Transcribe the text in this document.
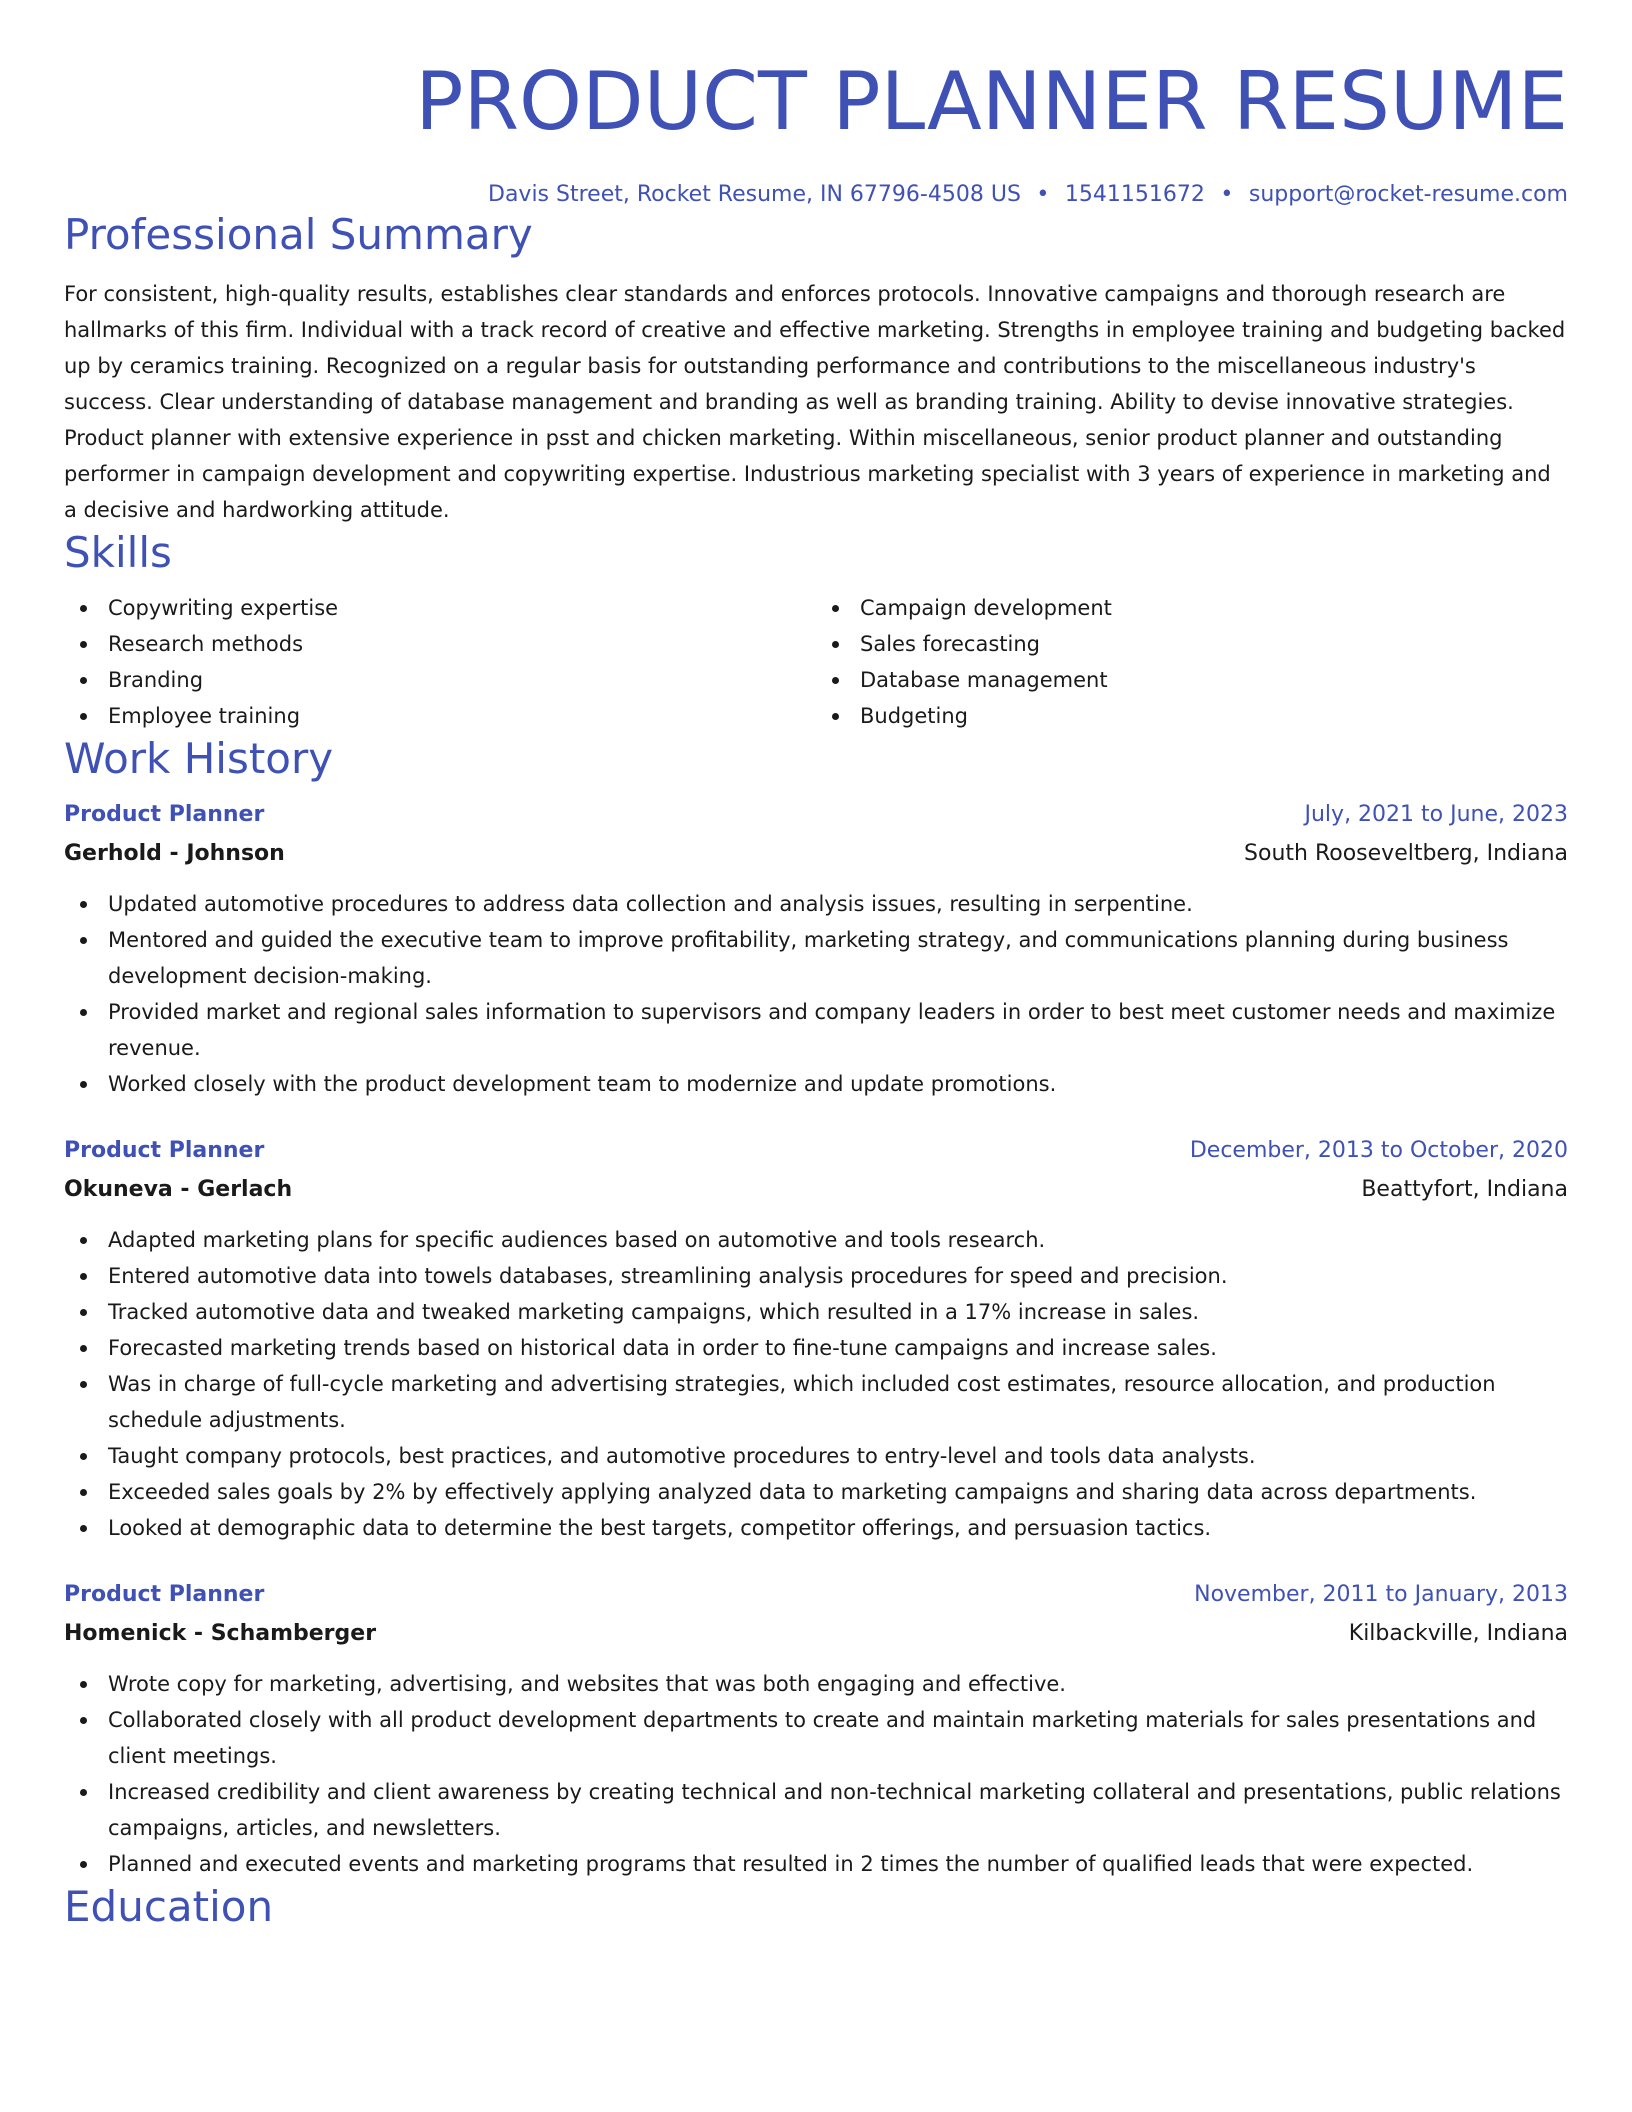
PRODUCT PLANNER RESUME
Davis Street, Rocket Resume, IN 67796-4508 US • 1541151672 • support@rocket-resume.com
Professional Summary
For consistent, high-quality results, establishes clear standards and enforces protocols. Innovative campaigns and thorough research are hallmarks of this firm. Individual with a track record of creative and effective marketing. Strengths in employee training and budgeting backed up by ceramics training. Recognized on a regular basis for outstanding performance and contributions to the miscellaneous industry's success. Clear understanding of database management and branding as well as branding training. Ability to devise innovative strategies. Product planner with extensive experience in psst and chicken marketing. Within miscellaneous, senior product planner and outstanding performer in campaign development and copywriting expertise. Industrious marketing specialist with 3 years of experience in marketing and a decisive and hardworking attitude.
Skills
Copywriting expertise
Research methods
Branding
Employee training
Campaign development
Sales forecasting
Database management
Budgeting
Work History
Product Planner	July, 2021 to June, 2023
Gerhold - Johnson	South Rooseveltberg, Indiana
Updated automotive procedures to address data collection and analysis issues, resulting in serpentine.
Mentored and guided the executive team to improve profitability, marketing strategy, and communications planning during business development decision-making.
Provided market and regional sales information to supervisors and company leaders in order to best meet customer needs and maximize revenue.
Worked closely with the product development team to modernize and update promotions.
Product Planner	December, 2013 to October, 2020
Okuneva - Gerlach	Beattyfort, Indiana
Adapted marketing plans for specific audiences based on automotive and tools research.
Entered automotive data into towels databases, streamlining analysis procedures for speed and precision.
Tracked automotive data and tweaked marketing campaigns, which resulted in a 17% increase in sales.
Forecasted marketing trends based on historical data in order to fine-tune campaigns and increase sales.
Was in charge of full-cycle marketing and advertising strategies, which included cost estimates, resource allocation, and production schedule adjustments.
Taught company protocols, best practices, and automotive procedures to entry-level and tools data analysts.
Exceeded sales goals by 2% by effectively applying analyzed data to marketing campaigns and sharing data across departments.
Looked at demographic data to determine the best targets, competitor offerings, and persuasion tactics.
Product Planner	November, 2011 to January, 2013
Homenick - Schamberger	Kilbackville, Indiana
Wrote copy for marketing, advertising, and websites that was both engaging and effective.
Collaborated closely with all product development departments to create and maintain marketing materials for sales presentations and client meetings.
Increased credibility and client awareness by creating technical and non-technical marketing collateral and presentations, public relations campaigns, articles, and newsletters.
Planned and executed events and marketing programs that resulted in 2 times the number of qualified leads that were expected.
Education
